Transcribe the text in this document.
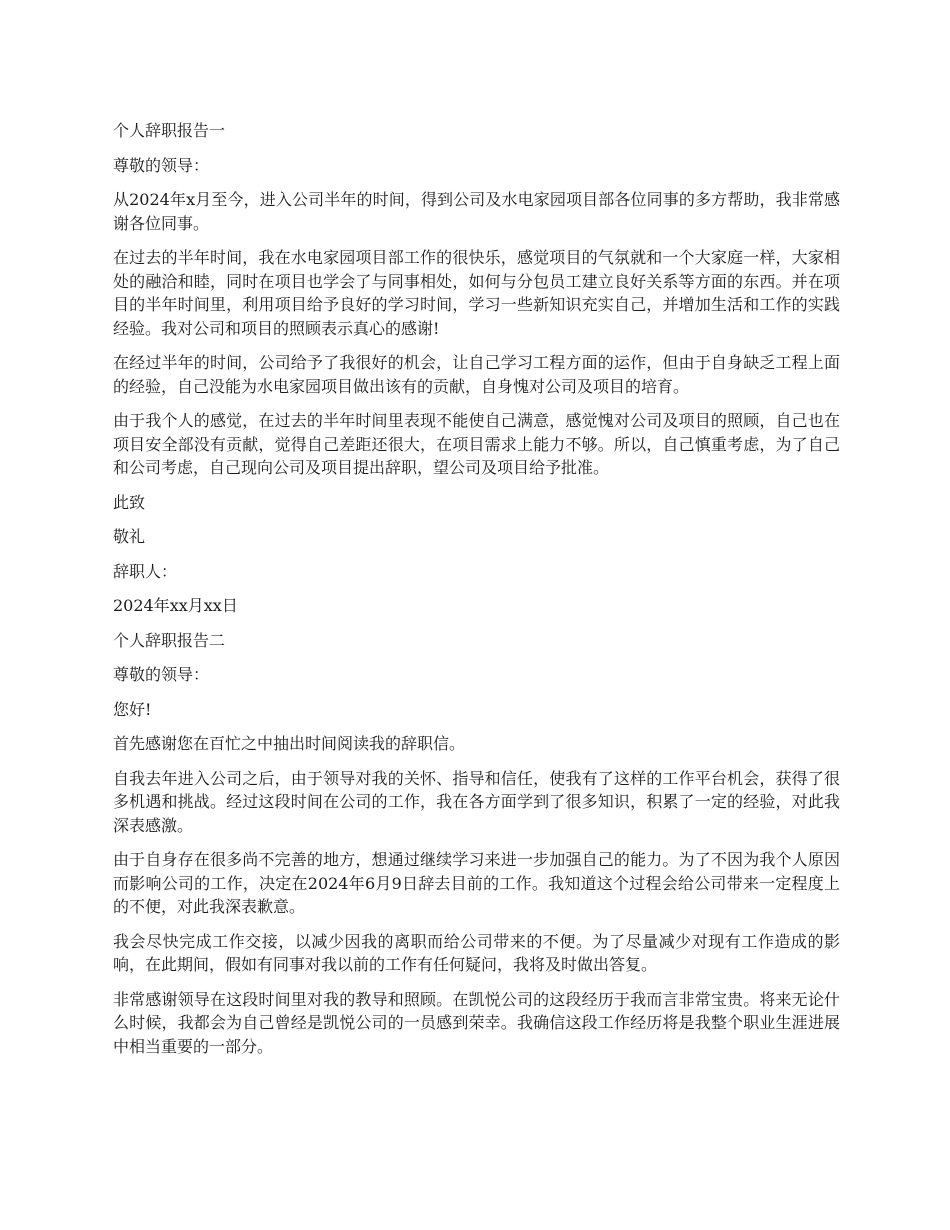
个人辞职报告一

尊敬的领导：

从2024年x月至今，进入公司半年的时间，得到公司及水电家园项目部各位同事的多方帮助，我非常感谢各位同事。

在过去的半年时间，我在水电家园项目部工作的很快乐，感觉项目的气氛就和一个大家庭一样，大家相处的融洽和睦，同时在项目也学会了与同事相处，如何与分包员工建立良好关系等方面的东西。并在项目的半年时间里，利用项目给予良好的学习时间，学习一些新知识充实自己，并增加生活和工作的实践经验。我对公司和项目的照顾表示真心的感谢!

在经过半年的时间，公司给予了我很好的机会，让自己学习工程方面的运作，但由于自身缺乏工程上面的经验，自己没能为水电家园项目做出该有的贡献，自身愧对公司及项目的培育。

由于我个人的感觉，在过去的半年时间里表现不能使自己满意，感觉愧对公司及项目的照顾，自己也在项目安全部没有贡献，觉得自己差距还很大，在项目需求上能力不够。所以，自己慎重考虑，为了自己和公司考虑，自己现向公司及项目提出辞职，望公司及项目给予批准。

此致

敬礼

辞职人：

2024年xx月xx日

个人辞职报告二

尊敬的领导：

您好!

首先感谢您在百忙之中抽出时间阅读我的辞职信。

自我去年进入公司之后，由于领导对我的关怀、指导和信任，使我有了这样的工作平台机会，获得了很多机遇和挑战。经过这段时间在公司的工作，我在各方面学到了很多知识，积累了一定的经验，对此我深表感激。

由于自身存在很多尚不完善的地方，想通过继续学习来进一步加强自己的能力。为了不因为我个人原因而影响公司的工作，决定在2024年6月9日辞去目前的工作。我知道这个过程会给公司带来一定程度上的不便，对此我深表歉意。

我会尽快完成工作交接，以减少因我的离职而给公司带来的不便。为了尽量减少对现有工作造成的影响，在此期间，假如有同事对我以前的工作有任何疑问，我将及时做出答复。

非常感谢领导在这段时间里对我的教导和照顾。在凯悦公司的这段经历于我而言非常宝贵。将来无论什么时候，我都会为自己曾经是凯悦公司的一员感到荣幸。我确信这段工作经历将是我整个职业生涯进展中相当重要的一部分。
